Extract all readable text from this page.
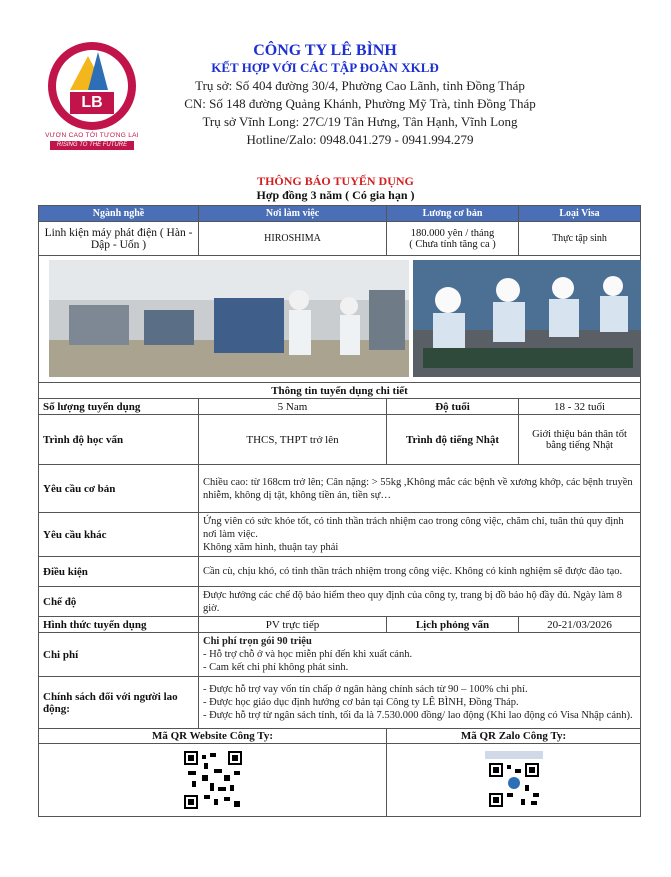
LB
VƯƠN CAO TỚI TƯƠNG LAI
RISING TO THE FUTURE
CÔNG TY LÊ BÌNH
KẾT HỢP VỚI CÁC TẬP ĐOÀN XKLĐ
Trụ sở: Số 404 đường 30/4, Phường Cao Lãnh, tỉnh Đồng Tháp
CN: Số 148 đường Quảng Khánh, Phường Mỹ Trà, tỉnh Đồng Tháp
Trụ sở Vĩnh Long: 27C/19 Tân Hưng, Tân Hạnh, Vĩnh Long
Hotline/Zalo: 0948.041.279 - 0941.994.279
THÔNG BÁO TUYỂN DỤNG
Hợp đồng 3 năm ( Có gia hạn )
Ngành nghề	Nơi làm việc	Lương cơ bản	Loại Visa
Linh kiện máy phát điện ( Hàn - Dập - Uốn )	HIROSHIMA	180.000 yên / tháng
( Chưa tính tăng ca )	Thực tập sinh

Thông tin tuyển dụng chi tiết			
Số lượng tuyển dụng	5 Nam	Độ tuổi	18 - 32 tuổi
Trình độ học vấn	THCS, THPT trở lên	Trình độ tiếng Nhật	Giới thiệu bản thân tốt bằng tiếng Nhật
Yêu cầu cơ bản	Chiều cao: từ 168cm trở lên; Cân nặng: > 55kg ,Không mắc các bệnh về xương khớp, các bệnh truyền nhiễm, không dị tật, không tiền án, tiền sự…		
Yêu cầu khác	Ứng viên có sức khỏe tốt, có tinh thần trách nhiệm cao trong công việc, chăm chỉ, tuân thủ quy định nơi làm việc.
Không xăm hình, thuận tay phải		

Điều kiện	Cần cù, chịu khó, có tinh thần trách nhiệm trong công việc. Không có kinh nghiệm sẽ được đào tạo.		
Chế độ	Được hưởng các chế độ bảo hiểm theo quy định của công ty, trang bị đồ bảo hộ đầy đủ. Ngày làm 8 giờ.		
Hình thức tuyển dụng	PV trực tiếp	Lịch phỏng vấn	20-21/03/2026
Chi phí	Chi phí trọn gói 90 triệu
- Hỗ trợ chỗ ở và học miễn phí đến khi xuất cảnh.
- Cam kết chi phí không phát sinh.		

Chính sách đối với người lao động:	- Được hỗ trợ vay vốn tín chấp ở ngân hàng chính sách từ 90 – 100% chi phí.
- Được học giáo dục định hướng cơ bản tại Công ty LÊ BÌNH, Đồng Tháp.
- Được hỗ trợ từ ngân sách tỉnh, tối đa là 7.530.000 đồng/ lao động (Khi lao động có Visa Nhập cảnh).		

Mã QR Website Công Ty:		Mã QR Zalo Công Ty:	
